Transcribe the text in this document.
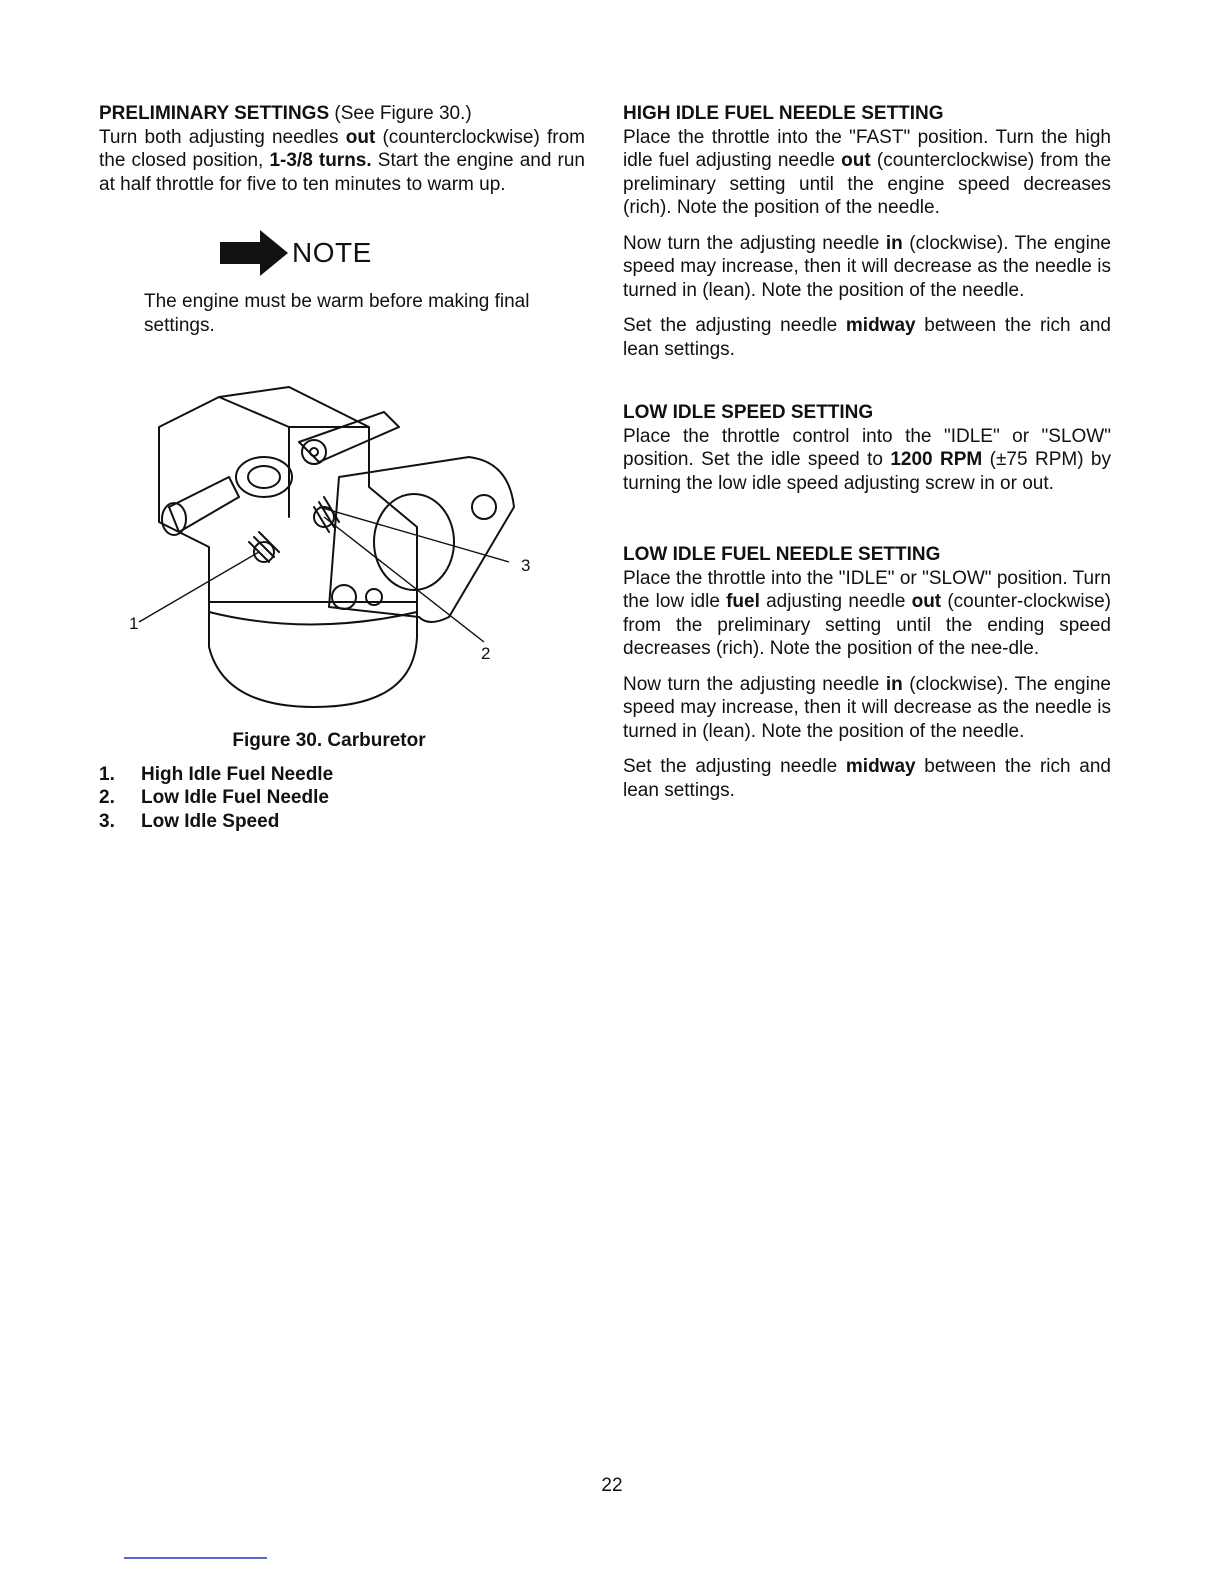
PRELIMINARY SETTINGS (See Figure 30.)
Turn both adjusting needles out (counterclockwise) from the closed position, 1-3/8 turns. Start the engine and run at half throttle for five to ten minutes to warm up.

NOTE

The engine must be warm before making final settings.

1
2
3

Figure 30. Carburetor

1.	High Idle Fuel Needle
2.	Low Idle Fuel Needle
3.	Low Idle Speed

HIGH IDLE FUEL NEEDLE SETTING

Place the throttle into the "FAST" position. Turn the high idle fuel adjusting needle out (counterclockwise) from the preliminary setting until the engine speed decreases (rich). Note the position of the needle.

Now turn the adjusting needle in (clockwise). The engine speed may increase, then it will decrease as the needle is turned in (lean). Note the position of the needle.

Set the adjusting needle midway between the rich and lean settings.

LOW IDLE SPEED SETTING

Place the throttle control into the "IDLE" or "SLOW" position. Set the idle speed to 1200 RPM (±75 RPM) by turning the low idle speed adjusting screw in or out.

LOW IDLE FUEL NEEDLE SETTING

Place the throttle into the "IDLE" or "SLOW" position. Turn the low idle fuel adjusting needle out (counter-clockwise) from the preliminary setting until the ending speed decreases (rich). Note the position of the nee-dle.

Now turn the adjusting needle in (clockwise). The engine speed may increase, then it will decrease as the needle is turned in (lean). Note the position of the needle.

Set the adjusting needle midway between the rich and lean settings.

22
